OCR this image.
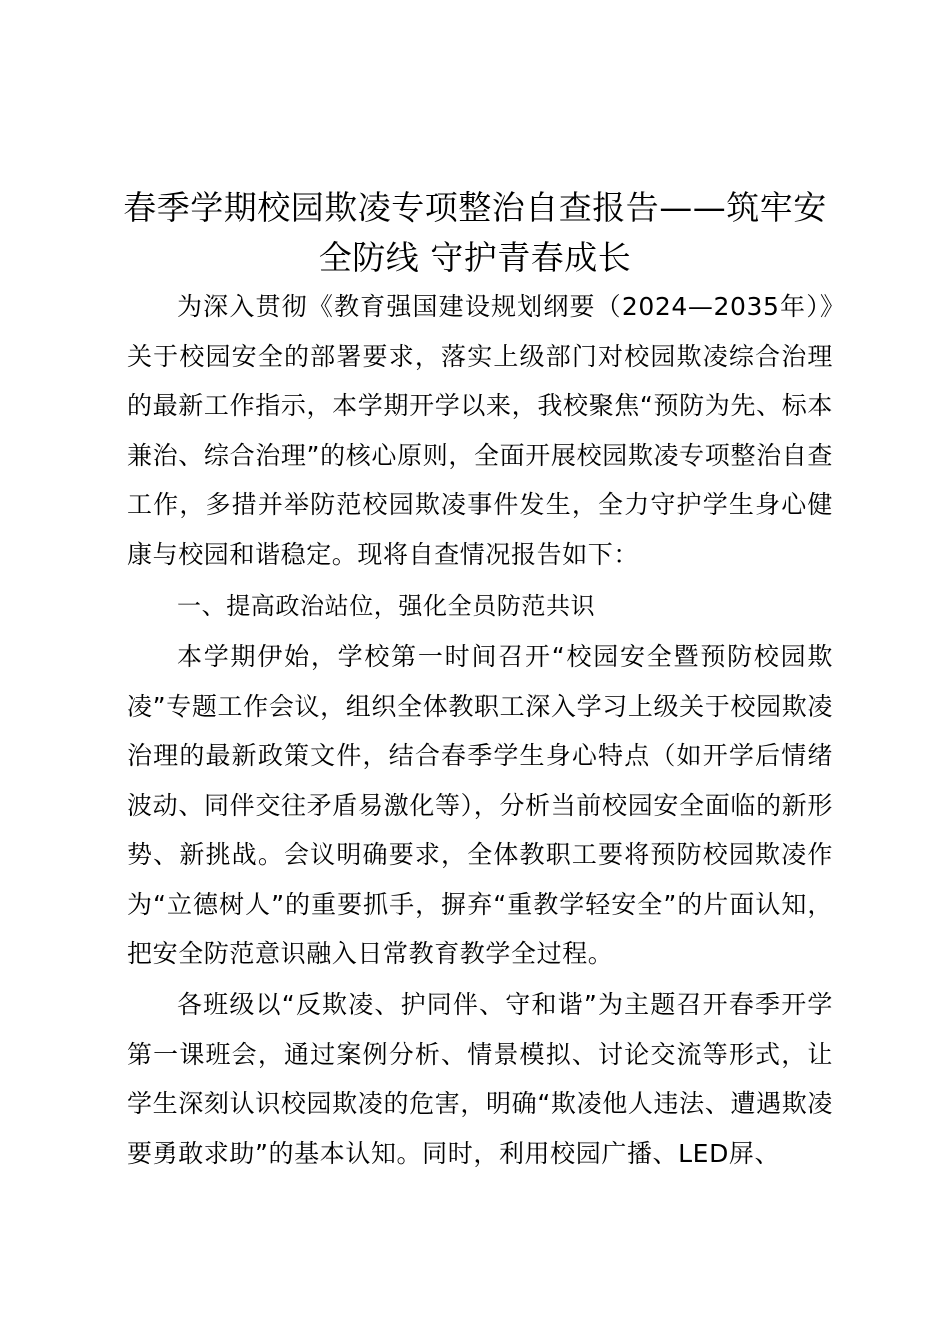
春季学期校园欺凌专项整治自查报告——筑牢安全防线 守护青春成长

为深入贯彻《教育强国建设规划纲要（2024—2035年）》关于校园安全的部署要求，落实上级部门对校园欺凌综合治理的最新工作指示，本学期开学以来，我校聚焦“预防为先、标本兼治、综合治理”的核心原则，全面开展校园欺凌专项整治自查工作，多措并举防范校园欺凌事件发生，全力守护学生身心健康与校园和谐稳定。现将自查情况报告如下：

一、提高政治站位，强化全员防范共识

本学期伊始，学校第一时间召开“校园安全暨预防校园欺凌”专题工作会议，组织全体教职工深入学习上级关于校园欺凌治理的最新政策文件，结合春季学生身心特点（如开学后情绪波动、同伴交往矛盾易激化等），分析当前校园安全面临的新形势、新挑战。会议明确要求，全体教职工要将预防校园欺凌作为“立德树人”的重要抓手，摒弃“重教学轻安全”的片面认知，把安全防范意识融入日常教育教学全过程。

各班级以“反欺凌、护同伴、守和谐”为主题召开春季开学第一课班会，通过案例分析、情景模拟、讨论交流等形式，让学生深刻认识校园欺凌的危害，明确“欺凌他人违法、遭遇欺凌要勇敢求助”的基本认知。同时，利用校园广播、LED屏、
